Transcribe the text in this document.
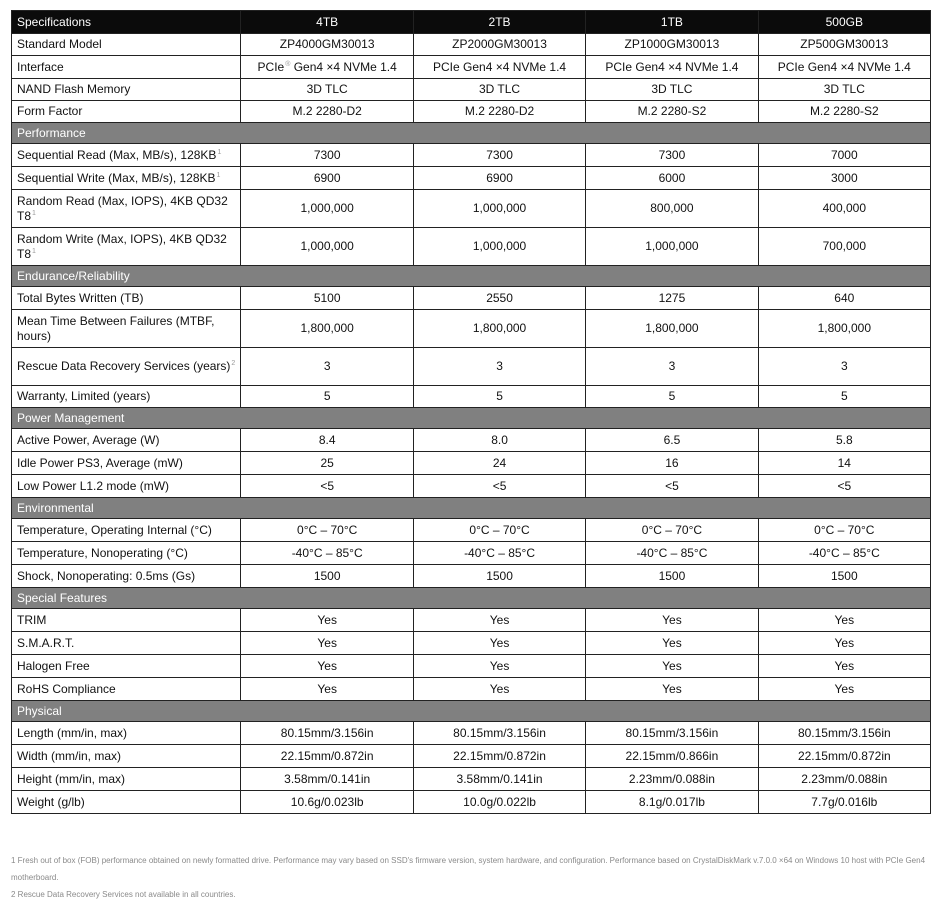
Specifications	4TB	2TB	1TB	500GB
Standard Model	ZP4000GM30013	ZP2000GM30013	ZP1000GM30013	ZP500GM30013
Interface	PCIe® Gen4 ×4 NVMe 1.4	PCIe Gen4 ×4 NVMe 1.4	PCIe Gen4 ×4 NVMe 1.4	PCIe Gen4 ×4 NVMe 1.4
NAND Flash Memory	3D TLC	3D TLC	3D TLC	3D TLC
Form Factor	M.2 2280-D2	M.2 2280-D2	M.2 2280-S2	M.2 2280-S2
Performance				
Sequential Read (Max, MB/s), $128KB^1$	7300	7300	7300	7000
Sequential Write (Max, MB/s), $128KB^1$	6900	6900	6000	3000
Random Read (Max, IOPS), 4KB QD32 $T8^1$	1,000,000	1,000,000	800,000	400,000
Random Write (Max, IOPS), 4KB QD32 $T8^1$	1,000,000	1,000,000	1,000,000	700,000
Endurance/Reliability				
Total Bytes Written (TB)	5100	2550	1275	640
Mean Time Between Failures (MTBF, hours)	1,800,000	1,800,000	1,800,000	1,800,000
Rescue Data Recovery Services (years)$^2$	3	3	3	3
Warranty, Limited (years)	5	5	5	5
Power Management				
Active Power, Average (W)	8.4	8.0	6.5	5.8
Idle Power PS3, Average (mW)	25	24	16	14
Low Power L1.2 mode (mW)	<5	<5	<5	<5
Environmental				
Temperature, Operating Internal (°C)	0°C – 70°C	0°C – 70°C	0°C – 70°C	0°C – 70°C
Temperature, Nonoperating (°C)	-40°C – 85°C	-40°C – 85°C	-40°C – 85°C	-40°C – 85°C
Shock, Nonoperating: 0.5ms (Gs)	1500	1500	1500	1500
Special Features				
TRIM	Yes	Yes	Yes	Yes
S.M.A.R.T.	Yes	Yes	Yes	Yes
Halogen Free	Yes	Yes	Yes	Yes
RoHS Compliance	Yes	Yes	Yes	Yes
Physical				
Length (mm/in, max)	80.15mm/3.156in	80.15mm/3.156in	80.15mm/3.156in	80.15mm/3.156in
Width (mm/in, max)	22.15mm/0.872in	22.15mm/0.872in	22.15mm/0.866in	22.15mm/0.872in
Height (mm/in, max)	3.58mm/0.141in	3.58mm/0.141in	2.23mm/0.088in	2.23mm/0.088in
Weight (g/lb)	10.6g/0.023lb	10.0g/0.022lb	8.1g/0.017lb	7.7g/0.016lb

1 Fresh out of box (FOB) performance obtained on newly formatted drive. Performance may vary based on SSD's firmware version, system hardware, and configuration. Performance based on CrystalDiskMark v.7.0.0 ×64 on Windows 10 host with PCIe Gen4 motherboard.

2 Rescue Data Recovery Services not available in all countries.
